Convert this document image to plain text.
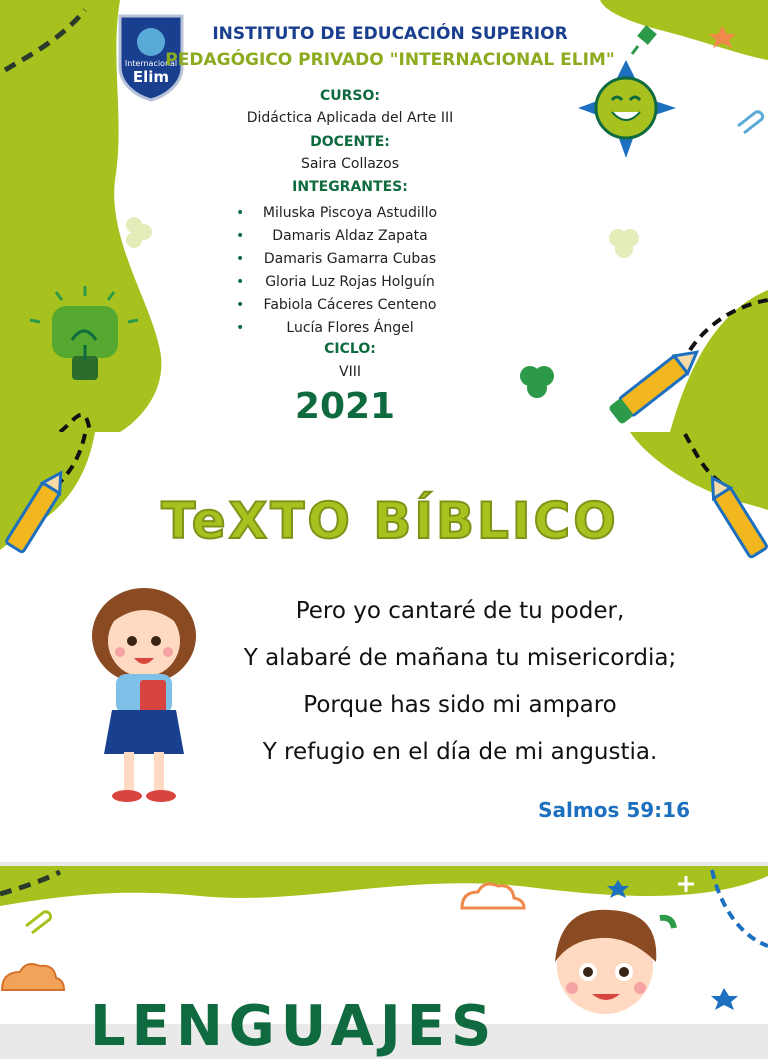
Internacional
Elim
INSTITUTO DE EDUCACIÓN SUPERIOR
PEDAGÓGICO PRIVADO "INTERNACIONAL ELIM"
CURSO:
Didáctica Aplicada del Arte III
DOCENTE:
Saira Collazos
INTEGRANTES:
• Miluska Piscoya Astudillo
• Damaris Aldaz Zapata
• Damaris Gamarra Cubas
• Gloria Luz Rojas Holguín
• Fabiola Cáceres Centeno
• Lucía Flores Ángel
CICLO:
VIII
2021
TeXTO BÍBLICO
Pero yo cantaré de tu poder,
Y alabaré de mañana tu misericordia;
Porque has sido mi amparo
Y refugio en el día de mi angustia.
Salmos 59:16
LENGUAJES
